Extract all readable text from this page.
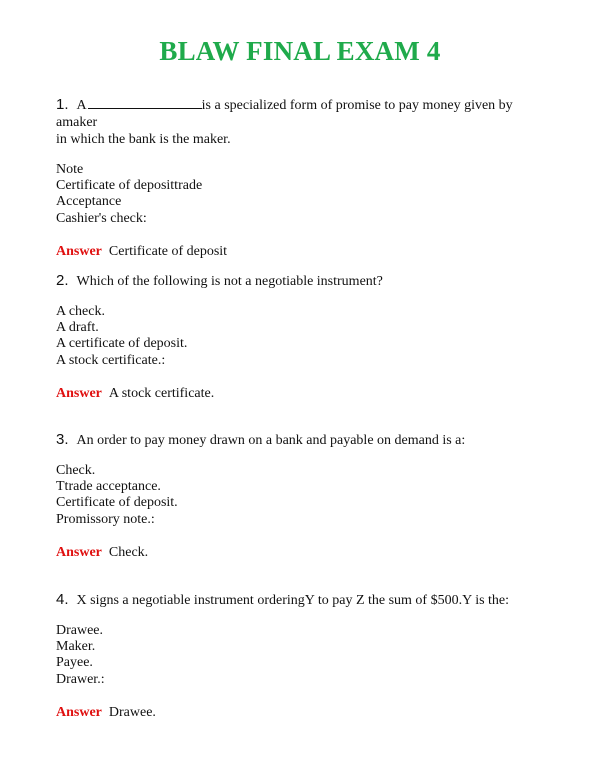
BLAW FINAL EXAM 4
1. A	is a specialized form of promise to pay money given by amaker
in which the bank is the maker.
Note
Certificate of deposittrade
Acceptance
Cashier's check:
Answer Certificate of deposit
2. Which of the following is not a negotiable instrument?
A check.
A draft.
A certificate of deposit.
A stock certificate.:
Answer A stock certificate.
3. An order to pay money drawn on a bank and payable on demand is a:
Check.
Ttrade acceptance.
Certificate of deposit.
Promissory note.:
Answer Check.
4. X signs a negotiable instrument orderingY to pay Z the sum of $500.Y is the:
Drawee.
Maker.
Payee.
Drawer.:
Answer Drawee.
